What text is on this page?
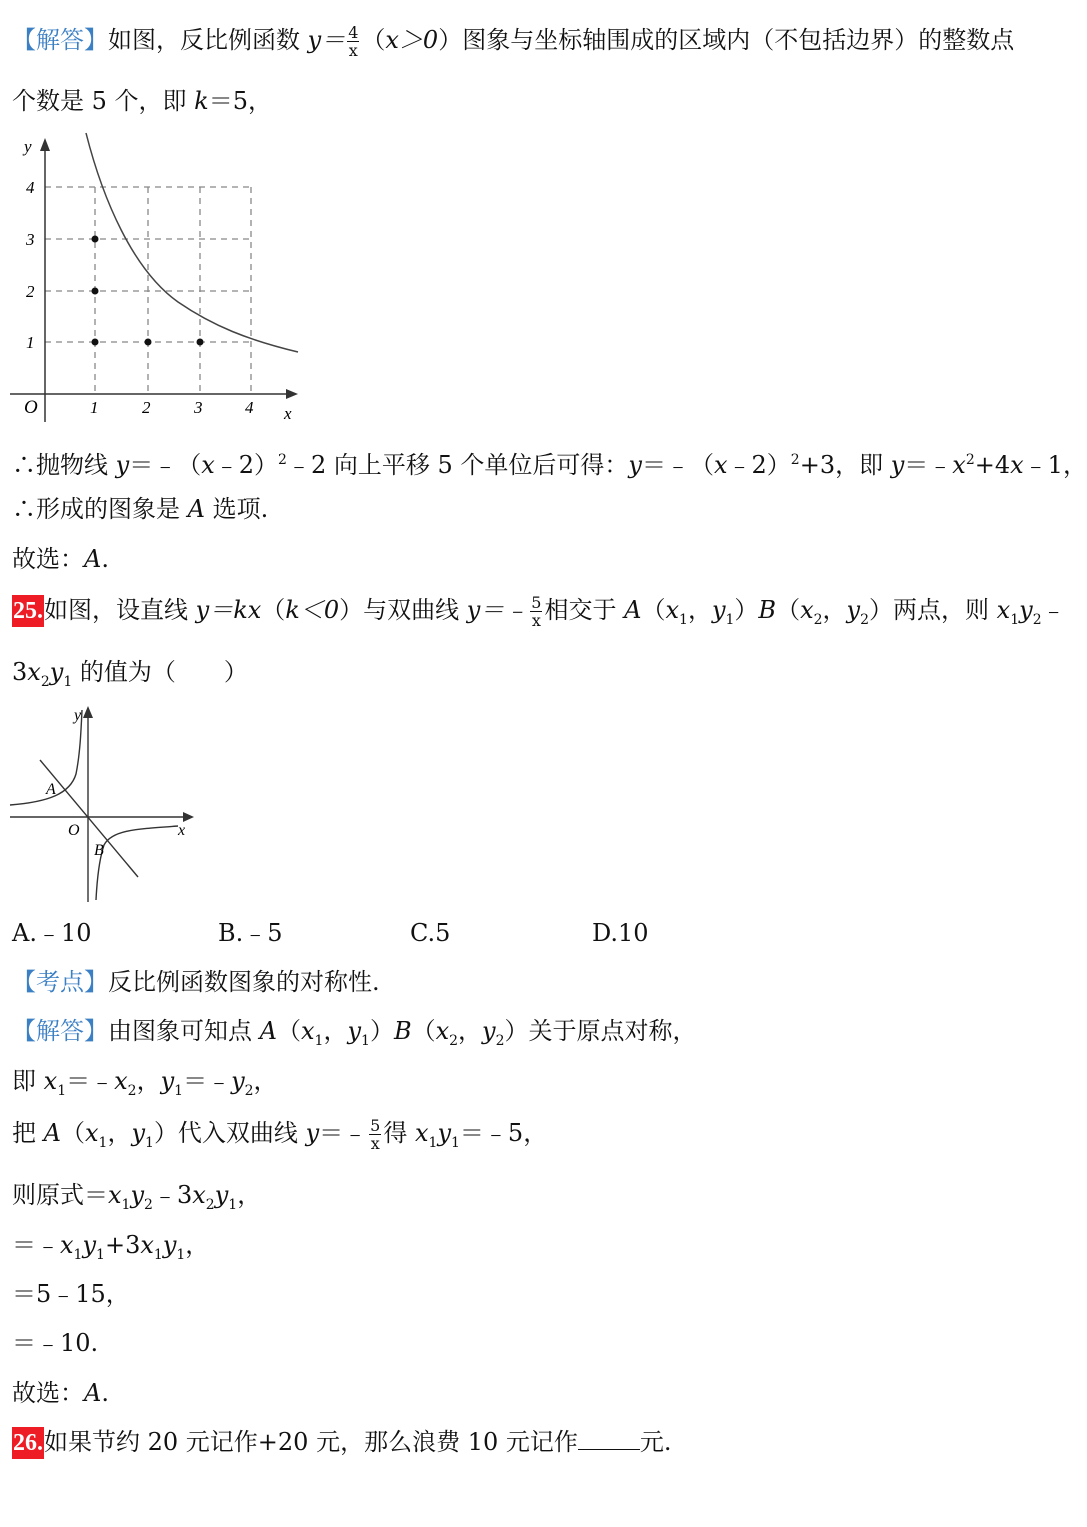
【解答】如图，反比例函数 $y= \frac{4}{x} (x>0)$图象与坐标轴围成的区域内（不包括边界）的整数点
个数是 5 个，即 k＝5，
y
4
3
2
1
O	1	2	3	4 x
∴抛物线 y＝﹣（x﹣2）$^2$﹣2 向上平移 5 个单位后可得：y＝﹣（x﹣2）$^2$+3，即 $y=﹣x^2+4x﹣1$，
∴形成的图象是 A 选项.
故选：A.
25.如图，设直线 y＝kx（k＜0）与双曲线 y＝﹣ $\frac{5}{x}$ 相交于 $A(x_1$，$y_1)B(x_2$，$y_2$）两点，则 $x_1y_2﹣$
$3x_2y_1$ 的值为（　　）
A
B
O
y
x
A.﹣10	B.﹣5	C.5	D.10
【考点】反比例函数图象的对称性.
【解答】由图象可知点 $A(x_1$，$y_1)B(x_2$，$y_2$）关于原点对称，
即 $x_1=﹣x_2$，$y_1=﹣y_2$，
把 $A(x_1$，$y_1$）代入双曲线 y＝﹣ $\frac{5}{x}$ 得 $x_1y_1=﹣5$，
则原式$=x_1y_2﹣3x_2y_1$，
$=﹣x_1y_1+3x_1y_1$，
＝5﹣15，
＝﹣10.
故选：A.
26.如果节约 20 元记作+20 元，那么浪费 10 元记作	元.
